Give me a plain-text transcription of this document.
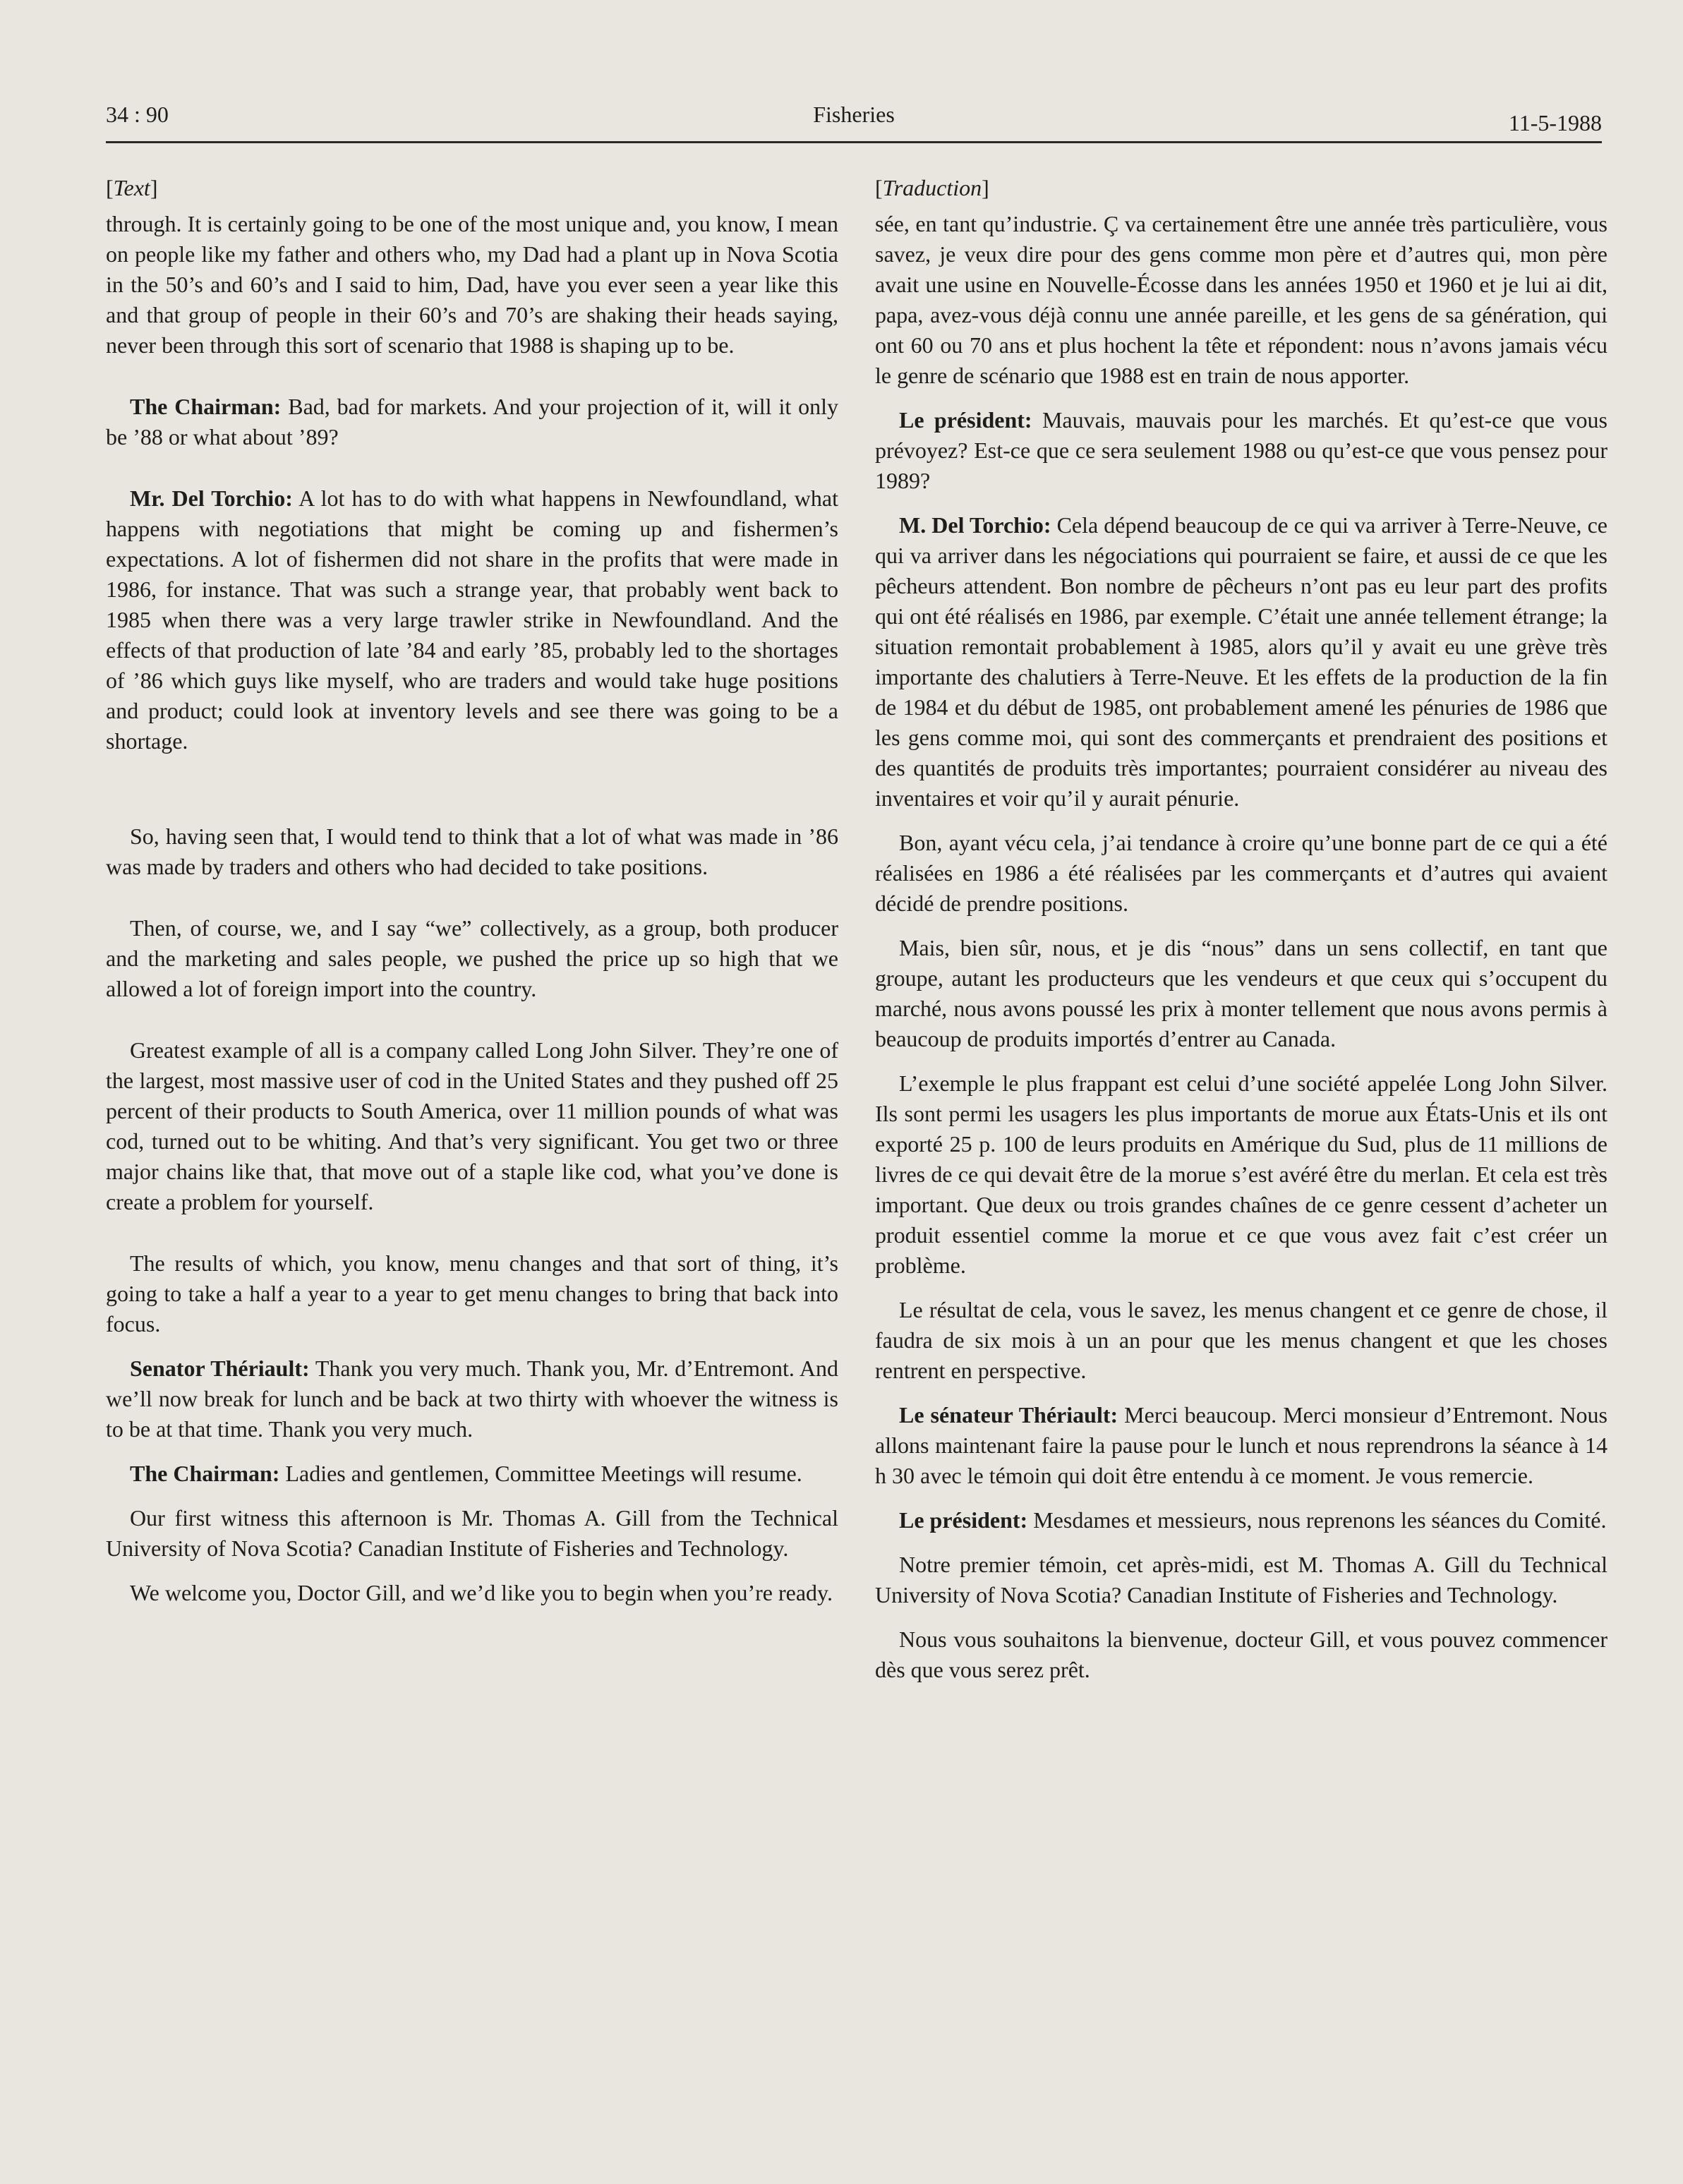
34 : 90	Fisheries	11-5-1988
[Text]

through. It is certainly going to be one of the most unique and, you know, I mean on people like my father and others who, my Dad had a plant up in Nova Scotia in the 50’s and 60’s and I said to him, Dad, have you ever seen a year like this and that group of people in their 60’s and 70’s are shaking their heads saying, never been through this sort of scenario that 1988 is shaping up to be.

The Chairman: Bad, bad for markets. And your projection of it, will it only be ’88 or what about ’89?

Mr. Del Torchio: A lot has to do with what happens in Newfoundland, what happens with negotiations that might be coming up and fishermen’s expectations. A lot of fishermen did not share in the profits that were made in 1986, for instance. That was such a strange year, that probably went back to 1985 when there was a very large trawler strike in Newfoundland. And the effects of that production of late ’84 and early ’85, probably led to the shortages of ’86 which guys like myself, who are traders and would take huge positions and product; could look at inventory levels and see there was going to be a shortage.

So, having seen that, I would tend to think that a lot of what was made in ’86 was made by traders and others who had decided to take positions.

Then, of course, we, and I say “we” collectively, as a group, both producer and the marketing and sales people, we pushed the price up so high that we allowed a lot of foreign import into the country.

Greatest example of all is a company called Long John Silver. They’re one of the largest, most massive user of cod in the United States and they pushed off 25 percent of their products to South America, over 11 million pounds of what was cod, turned out to be whiting. And that’s very significant. You get two or three major chains like that, that move out of a staple like cod, what you’ve done is create a problem for yourself.

The results of which, you know, menu changes and that sort of thing, it’s going to take a half a year to a year to get menu changes to bring that back into focus.

Senator Thériault: Thank you very much. Thank you, Mr. d’Entremont. And we’ll now break for lunch and be back at two thirty with whoever the witness is to be at that time. Thank you very much.

The Chairman: Ladies and gentlemen, Committee Meetings will resume.

Our first witness this afternoon is Mr. Thomas A. Gill from the Technical University of Nova Scotia? Canadian Institute of Fisheries and Technology.

We welcome you, Doctor Gill, and we’d like you to begin when you’re ready.

[Traduction]

sée, en tant qu’industrie. Ç va certainement être une année très particulière, vous savez, je veux dire pour des gens comme mon père et d’autres qui, mon père avait une usine en Nouvelle-Écosse dans les années 1950 et 1960 et je lui ai dit, papa, avez-vous déjà connu une année pareille, et les gens de sa génération, qui ont 60 ou 70 ans et plus hochent la tête et répondent: nous n’avons jamais vécu le genre de scénario que 1988 est en train de nous apporter.

Le président: Mauvais, mauvais pour les marchés. Et qu’est-ce que vous prévoyez? Est-ce que ce sera seulement 1988 ou qu’est-ce que vous pensez pour 1989?

M. Del Torchio: Cela dépend beaucoup de ce qui va arriver à Terre-Neuve, ce qui va arriver dans les négociations qui pourraient se faire, et aussi de ce que les pêcheurs attendent. Bon nombre de pêcheurs n’ont pas eu leur part des profits qui ont été réalisés en 1986, par exemple. C’était une année tellement étrange; la situation remontait probablement à 1985, alors qu’il y avait eu une grève très importante des chalutiers à Terre-Neuve. Et les effets de la production de la fin de 1984 et du début de 1985, ont probablement amené les pénuries de 1986 que les gens comme moi, qui sont des commerçants et prendraient des positions et des quantités de produits très importantes; pourraient considérer au niveau des inventaires et voir qu’il y aurait pénurie.

Bon, ayant vécu cela, j’ai tendance à croire qu’une bonne part de ce qui a été réalisées en 1986 a été réalisées par les commerçants et d’autres qui avaient décidé de prendre positions.

Mais, bien sûr, nous, et je dis “nous” dans un sens collectif, en tant que groupe, autant les producteurs que les vendeurs et que ceux qui s’occupent du marché, nous avons poussé les prix à monter tellement que nous avons permis à beaucoup de produits importés d’entrer au Canada.

L’exemple le plus frappant est celui d’une société appelée Long John Silver. Ils sont permi les usagers les plus importants de morue aux États-Unis et ils ont exporté 25 p. 100 de leurs produits en Amérique du Sud, plus de 11 millions de livres de ce qui devait être de la morue s’est avéré être du merlan. Et cela est très important. Que deux ou trois grandes chaînes de ce genre cessent d’acheter un produit essentiel comme la morue et ce que vous avez fait c’est créer un problème.

Le résultat de cela, vous le savez, les menus changent et ce genre de chose, il faudra de six mois à un an pour que les menus changent et que les choses rentrent en perspective.

Le sénateur Thériault: Merci beaucoup. Merci monsieur d’Entremont. Nous allons maintenant faire la pause pour le lunch et nous reprendrons la séance à 14 h 30 avec le témoin qui doit être entendu à ce moment. Je vous remercie.

Le président: Mesdames et messieurs, nous reprenons les séances du Comité.

Notre premier témoin, cet après-midi, est M. Thomas A. Gill du Technical University of Nova Scotia? Canadian Institute of Fisheries and Technology.

Nous vous souhaitons la bienvenue, docteur Gill, et vous pouvez commencer dès que vous serez prêt.
